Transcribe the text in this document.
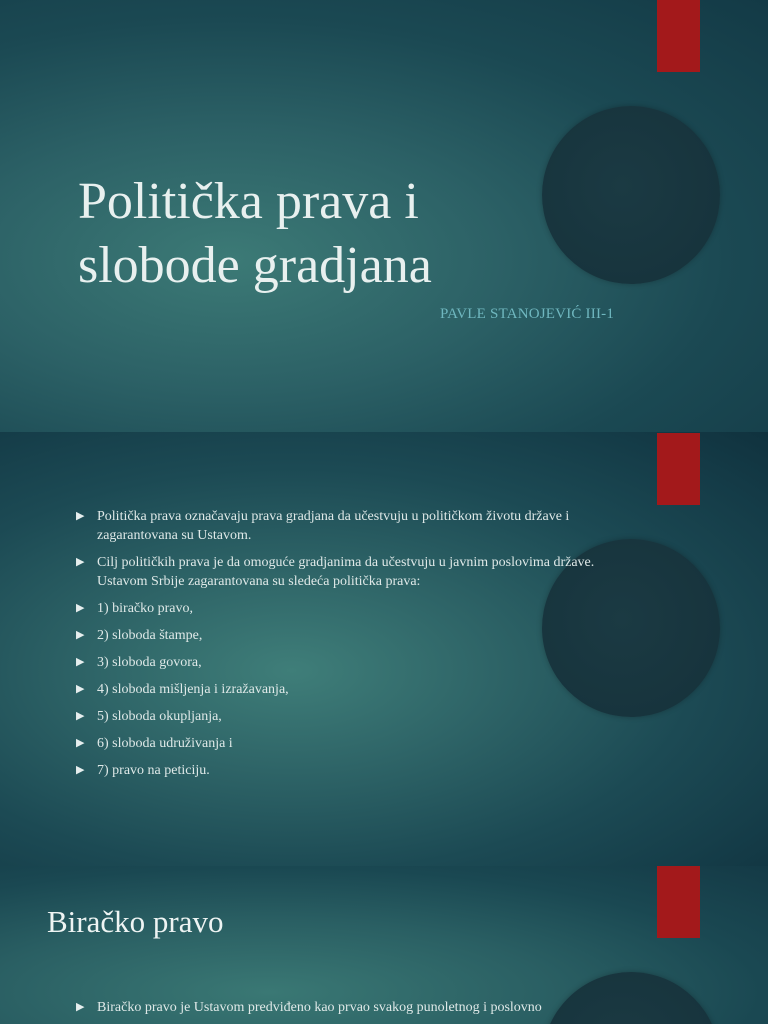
Politička prava i
slobode gradjana
PAVLE STANOJEVIĆ III-1
▶ Politička prava označavaju prava gradjana da učestvuju u političkom životu države i zagarantovana su Ustavom.
▶ Cilj političkih prava je da omoguće gradjanima da učestvuju u javnim poslovima države. Ustavom Srbije zagarantovana su sledeća politička prava:
▶ 1) biračko pravo,
▶ 2) sloboda štampe,
▶ 3) sloboda govora,
▶ 4) sloboda mišljenja i izražavanja,
▶ 5) sloboda okupljanja,
▶ 6) sloboda udruživanja i
▶ 7) pravo na peticiju.
Biračko pravo
▶ Biračko pravo je Ustavom predviđeno kao prvao svakog punoletnog i poslovno
